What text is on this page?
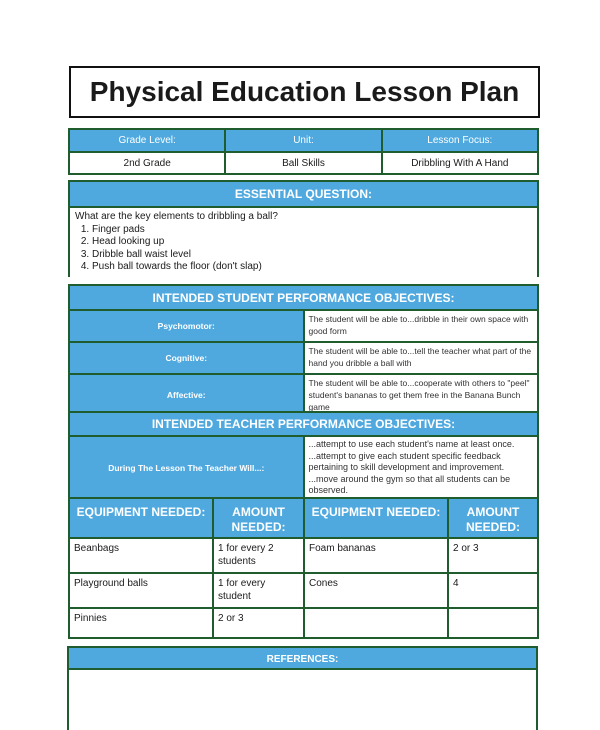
Physical Education Lesson Plan
Grade Level:	Unit:	Lesson Focus:
2nd Grade	Ball Skills	Dribbling With A Hand
ESSENTIAL QUESTION:
What are the key elements to dribbling a ball?
1. Finger pads
2. Head looking up
3. Dribble ball waist level
4. Push ball towards the floor (don't slap)
INTENDED STUDENT PERFORMANCE OBJECTIVES:	
Psychomotor:	The student will be able to...dribble in their own space with good form
Cognitive:	The student will be able to...tell the teacher what part of the hand you dribble a ball with
Affective:	The student will be able to...cooperate with others to "peel" student's bananas to get them free in the Banana Bunch game
INTENDED TEACHER PERFORMANCE OBJECTIVES:
During The Lesson The Teacher Will...:	
...attempt to use each student's name at least once.
...attempt to give each student specific feedback pertaining to skill development and improvement.
...move around the gym so that all students can be observed.
EQUIPMENT NEEDED:	AMOUNT NEEDED:	EQUIPMENT NEEDED:	AMOUNT NEEDED:
Beanbags	1 for every 2 students	Foam bananas	2 or 3
Playground balls	1 for every student	Cones	4
Pinnies	2 or 3		
REFERENCES:
